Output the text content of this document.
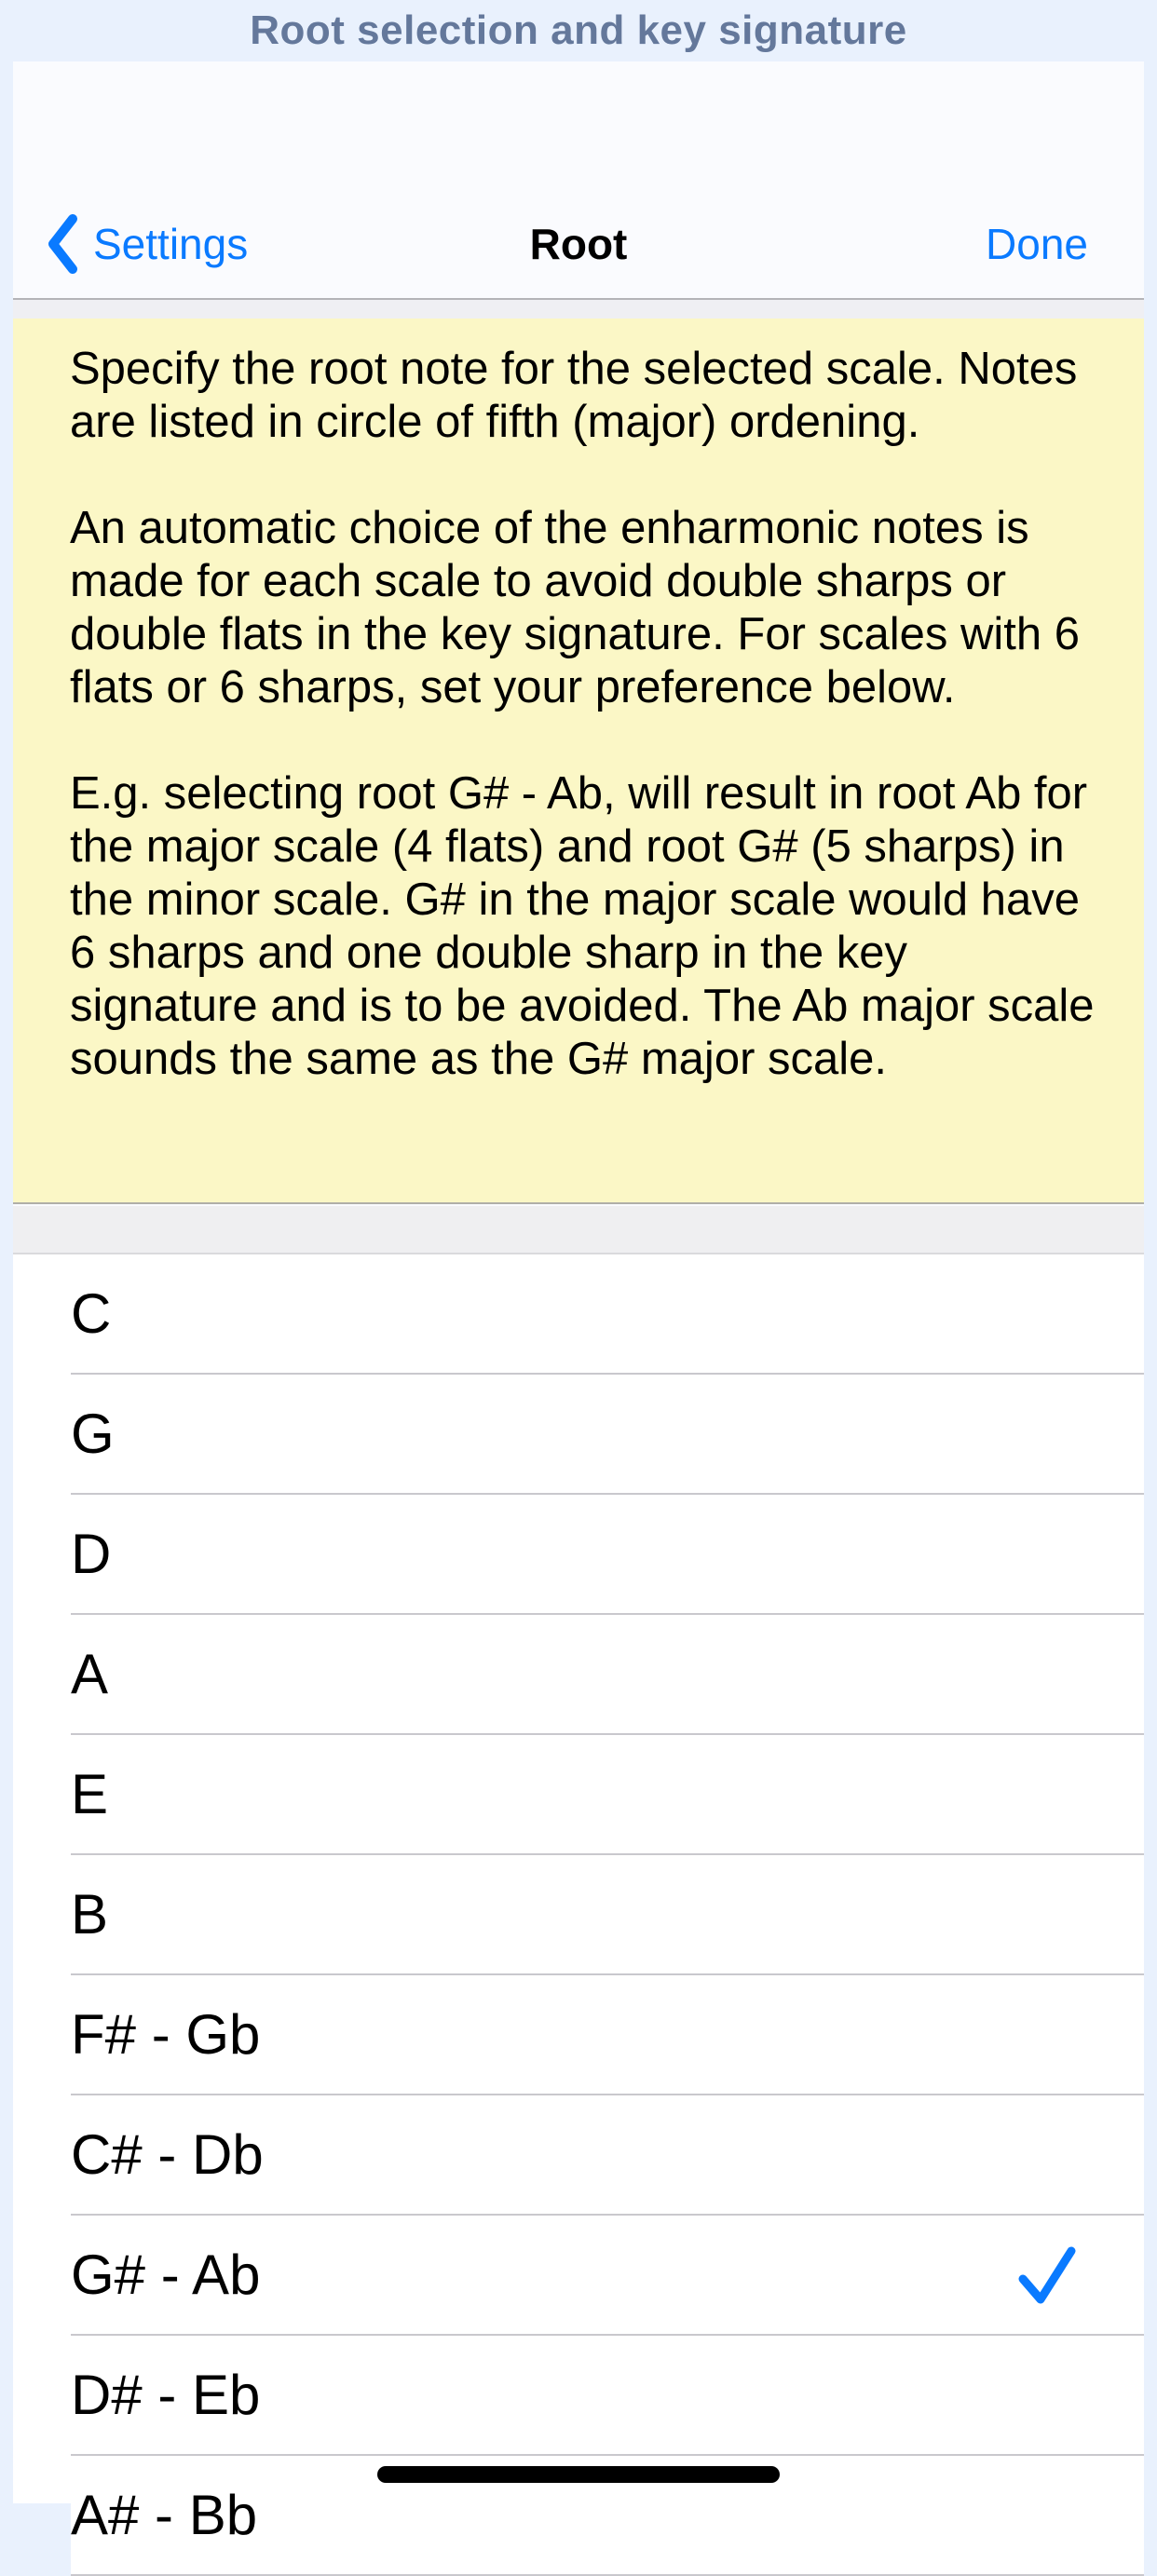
Root selection and key signature
Settings	Root	Done

Specify the root note for the selected scale. Notes are listed in circle of fifth (major) ordening.

An automatic choice of the enharmonic notes is made for each scale to avoid double sharps or double flats in the key signature. For scales with 6 flats or 6 sharps, set your preference below.

E.g. selecting root G# - Ab, will result in root Ab for the major scale (4 flats) and root G# (5 sharps) in the minor scale. G# in the major scale would have 6 sharps and one double sharp in the key signature and is to be avoided. The Ab major scale sounds the same as the G# major scale.

C
G
D
A
E
B
F# - Gb
C# - Db
G# - Ab
D# - Eb
A# - Bb
